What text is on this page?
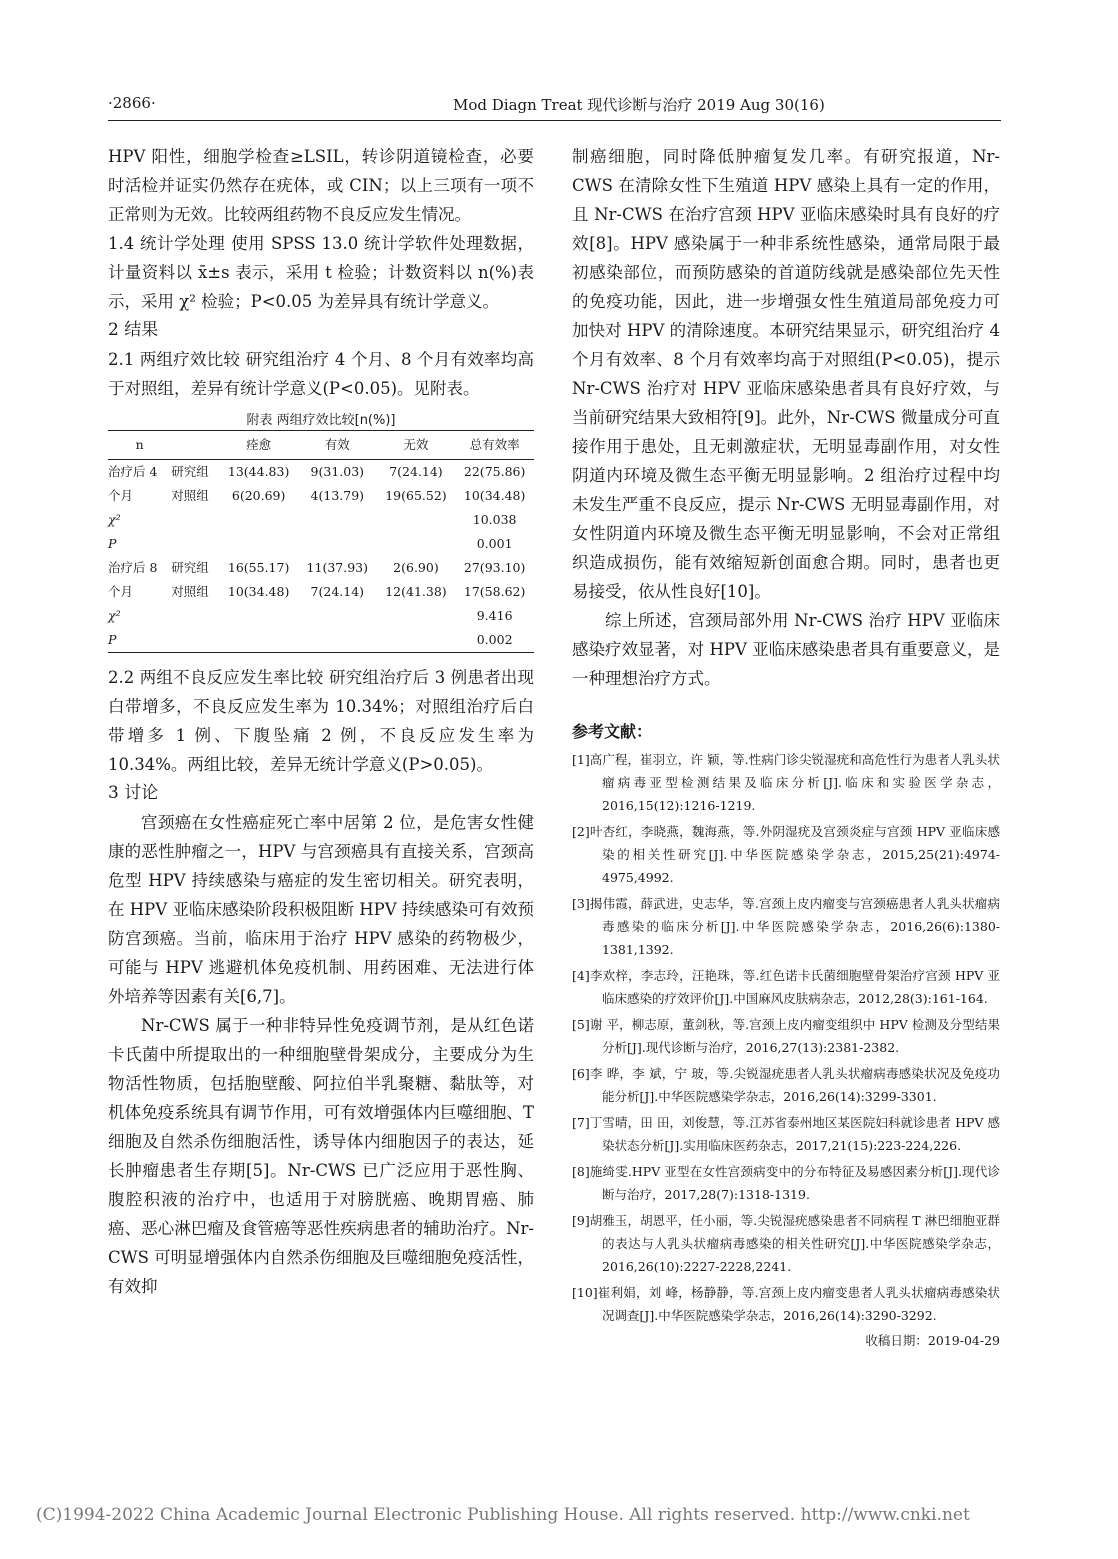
·2866·	Mod Diagn Treat 现代诊断与治疗 2019 Aug 30(16)

HPV 阳性，细胞学检查≥LSIL，转诊阴道镜检查，必要时活检并证实仍然存在疣体，或 CIN；以上三项有一项不正常则为无效。比较两组药物不良反应发生情况。

1.4 统计学处理 使用 SPSS 13.0 统计学软件处理数据，计量资料以 x̄±s 表示，采用 t 检验；计数资料以 n(%)表示，采用 χ² 检验；P<0.05 为差异具有统计学意义。

2 结果

2.1 两组疗效比较 研究组治疗 4 个月、8 个月有效率均高于对照组，差异有统计学意义(P<0.05)。见附表。

附表 两组疗效比较[n(%)]
n		痊愈	有效	无效	总有效率
治疗后 4	研究组	13(44.83)	9(31.03)	7(24.14)	22(75.86)
个月	对照组	6(20.69)	4(13.79)	19(65.52)	10(34.48)
χ²					10.038
P					0.001
治疗后 8	研究组	16(55.17)	11(37.93)	2(6.90)	27(93.10)
个月	对照组	10(34.48)	7(24.14)	12(41.38)	17(58.62)
χ²					9.416
P					0.002

2.2 两组不良反应发生率比较 研究组治疗后 3 例患者出现白带增多，不良反应发生率为 10.34%；对照组治疗后白带增多 1 例、下腹坠痛 2 例，不良反应发生率为 10.34%。两组比较，差异无统计学意义(P>0.05)。

3 讨论

宫颈癌在女性癌症死亡率中居第 2 位，是危害女性健康的恶性肿瘤之一，HPV 与宫颈癌具有直接关系，宫颈高危型 HPV 持续感染与癌症的发生密切相关。研究表明，在 HPV 亚临床感染阶段积极阻断 HPV 持续感染可有效预防宫颈癌。当前，临床用于治疗 HPV 感染的药物极少，可能与 HPV 逃避机体免疫机制、用药困难、无法进行体外培养等因素有关[6,7]。

Nr-CWS 属于一种非特异性免疫调节剂，是从红色诺卡氏菌中所提取出的一种细胞壁骨架成分，主要成分为生物活性物质，包括胞壁酸、阿拉伯半乳聚糖、黏肽等，对机体免疫系统具有调节作用，可有效增强体内巨噬细胞、T 细胞及自然杀伤细胞活性，诱导体内细胞因子的表达，延长肿瘤患者生存期[5]。Nr-CWS 已广泛应用于恶性胸、腹腔积液的治疗中，也适用于对膀胱癌、晚期胃癌、肺癌、恶心淋巴瘤及食管癌等恶性疾病患者的辅助治疗。Nr-CWS 可明显增强体内自然杀伤细胞及巨噬细胞免疫活性，有效抑

制癌细胞，同时降低肿瘤复发几率。有研究报道，Nr-CWS 在清除女性下生殖道 HPV 感染上具有一定的作用，且 Nr-CWS 在治疗宫颈 HPV 亚临床感染时具有良好的疗效[8]。HPV 感染属于一种非系统性感染，通常局限于最初感染部位，而预防感染的首道防线就是感染部位先天性的免疫功能，因此，进一步增强女性生殖道局部免疫力可加快对 HPV 的清除速度。本研究结果显示，研究组治疗 4 个月有效率、8 个月有效率均高于对照组(P<0.05)，提示 Nr-CWS 治疗对 HPV 亚临床感染患者具有良好疗效，与当前研究结果大致相符[9]。此外，Nr-CWS 微量成分可直接作用于患处，且无刺激症状，无明显毒副作用，对女性阴道内环境及微生态平衡无明显影响。2 组治疗过程中均未发生严重不良反应，提示 Nr-CWS 无明显毒副作用，对女性阴道内环境及微生态平衡无明显影响，不会对正常组织造成损伤，能有效缩短新创面愈合期。同时，患者也更易接受，依从性良好[10]。

综上所述，宫颈局部外用 Nr-CWS 治疗 HPV 亚临床感染疗效显著，对 HPV 亚临床感染患者具有重要意义，是一种理想治疗方式。

参考文献：

[1]高广程，崔羽立，许 颖，等.性病门诊尖锐湿疣和高危性行为患者人乳头状瘤病毒亚型检测结果及临床分析[J].临床和实验医学杂志，2016,15(12):1216-1219.

[2]叶杏红，李晓燕，魏海燕，等.外阴湿疣及宫颈炎症与宫颈 HPV 亚临床感染的相关性研究[J].中华医院感染学杂志，2015,25(21):4974-4975,4992.

[3]揭伟霞，薛武进，史志华，等.宫颈上皮内瘤变与宫颈癌患者人乳头状瘤病毒感染的临床分析[J].中华医院感染学杂志，2016,26(6):1380-1381,1392.

[4]李欢梓，李志玲，汪艳珠，等.红色诺卡氏菌细胞壁骨架治疗宫颈 HPV 亚临床感染的疗效评价[J].中国麻风皮肤病杂志，2012,28(3):161-164.

[5]谢 平，柳志原，董剑秋，等.宫颈上皮内瘤变组织中 HPV 检测及分型结果分析[J].现代诊断与治疗，2016,27(13):2381-2382.

[6]李 晔，李 斌，宁 玻，等.尖锐湿疣患者人乳头状瘤病毒感染状况及免疫功能分析[J].中华医院感染学杂志，2016,26(14):3299-3301.

[7]丁雪晴，田 田，刘俊慧，等.江苏省泰州地区某医院妇科就诊患者 HPV 感染状态分析[J].实用临床医药杂志，2017,21(15):223-224,226.

[8]施绮雯.HPV 亚型在女性宫颈病变中的分布特征及易感因素分析[J].现代诊断与治疗，2017,28(7):1318-1319.

[9]胡雅玉，胡恩平，任小丽，等.尖锐湿疣感染患者不同病程 T 淋巴细胞亚群的表达与人乳头状瘤病毒感染的相关性研究[J].中华医院感染学杂志，2016,26(10):2227-2228,2241.

[10]崔利娟，刘 峰，杨静静，等.宫颈上皮内瘤变患者人乳头状瘤病毒感染状况调查[J].中华医院感染学杂志，2016,26(14):3290-3292.

收稿日期：2019-04-29
(C)1994-2022 China Academic Journal Electronic Publishing House. All rights reserved. http://www.cnki.net
